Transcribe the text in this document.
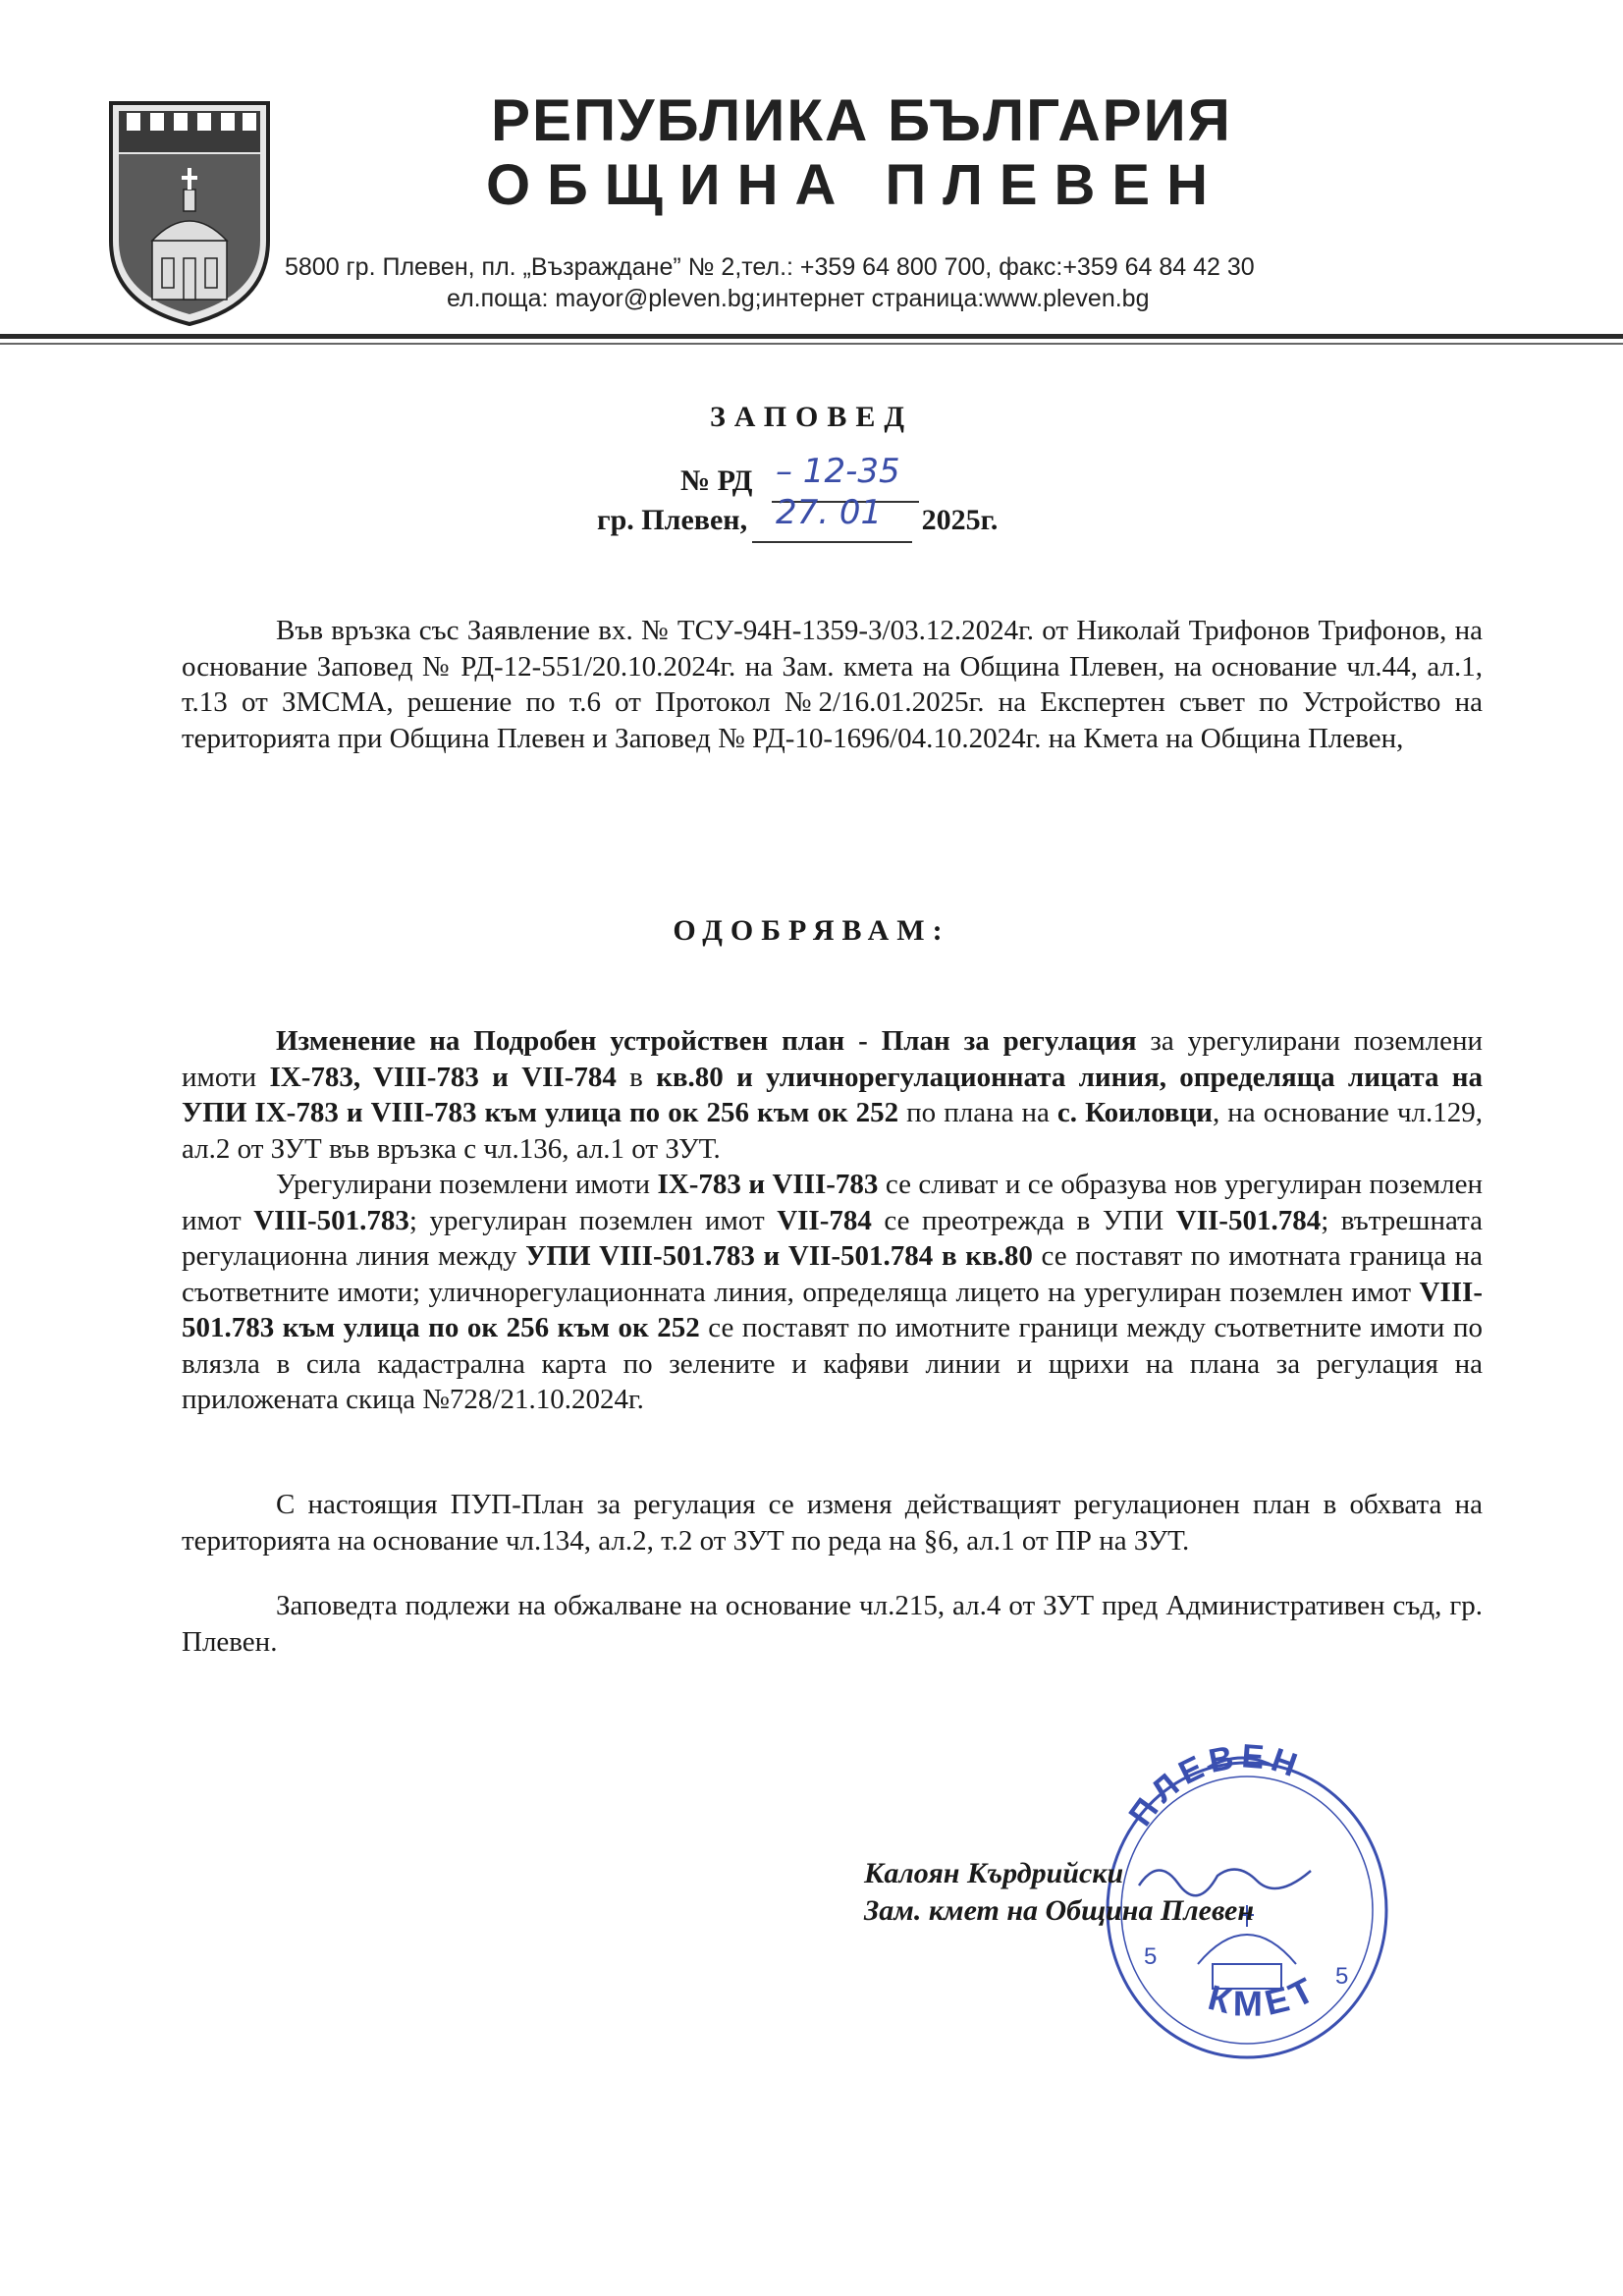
РЕПУБЛИКА БЪЛГАРИЯ
ОБЩИНА ПЛЕВЕН
5800 гр. Плевен, пл. „Възраждане” № 2,тел.: +359 64 800 700, факс:+359 64 84 42 30
ел.поща: mayor@pleven.bg;интернет страница:www.pleven.bg
ЗАПОВЕД
№ РД – 12-35
гр. Плевен,	2025г.
27. 01
Във връзка със Заявление вх. № ТСУ-94Н-1359-3/03.12.2024г. от Николай Трифонов Трифонов, на основание Заповед № РД-12-551/20.10.2024г. на Зам. кмета на Община Плевен, на основание чл.44, ал.1, т.13 от ЗМСМА, решение по т.6 от Протокол №2/16.01.2025г. на Експертен съвет по Устройство на територията при Община Плевен и Заповед № РД-10-1696/04.10.2024г. на Кмета на Община Плевен,
ОДОБРЯВАМ:
Изменение на Подробен устройствен план - План за регулация за урегулирани поземлени имоти IX-783, VIII-783 и VII-784 в кв.80 и уличнорегулационната линия, определяща лицата на УПИ IX-783 и VIII-783 към улица по ок 256 към ок 252 по плана на с. Коиловци, на основание чл.129, ал.2 от ЗУТ във връзка с чл.136, ал.1 от ЗУТ.
Урегулирани поземлени имоти IX-783 и VIII-783 се сливат и се образува нов урегулиран поземлен имот VIII-501.783; урегулиран поземлен имот VII-784 се преотрежда в УПИ VII-501.784; вътрешната регулационна линия между УПИ VIII-501.783 и VII-501.784 в кв.80 се поставят по имотната граница на съответните имоти; уличнорегулационната линия, определяща лицето на урегулиран поземлен имот VIII-501.783 към улица по ок 256 към ок 252 се поставят по имотните граници между съответните имоти по влязла в сила кадастрална карта по зелените и кафяви линии и щрихи на плана за регулация на приложената скица №728/21.10.2024г.
С настоящия ПУП-План за регулация се изменя действащият регулационен план в обхвата на територията на основание чл.134, ал.2, т.2 от ЗУТ по реда на §6, ал.1 от ПР на ЗУТ.
Заповедта подлежи на обжалване на основание чл.215, ал.4 от ЗУТ пред Административен съд, гр. Плевен.
ПЛЕВЕН
КМЕТ
5
5
Калоян Кърдрийски
Зам. кмет на Община Плевен
